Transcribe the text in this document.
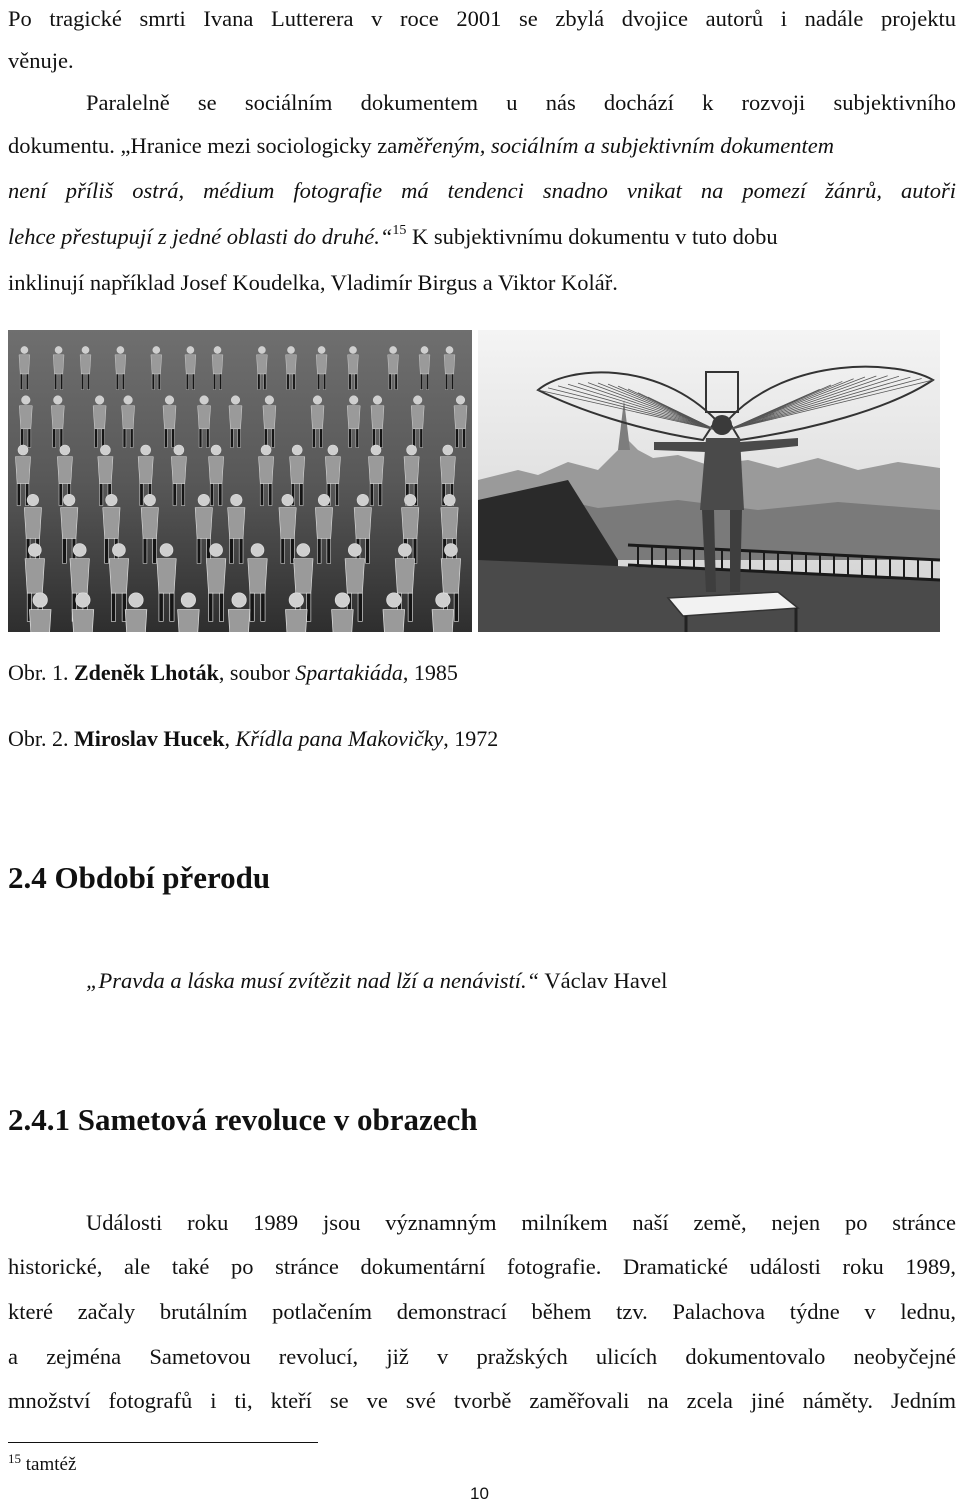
Po tragické smrti Ivana Lutterera v roce 2001 se zbylá dvojice autorů i nadále projektu
věnuje.
Paralelně se sociálním dokumentem u nás dochází k rozvoji subjektivního
dokumentu. „Hranice mezi sociologicky zaměřeným, sociálním a subjektivním dokumentem
není příliš ostrá, médium fotografie má tendenci snadno vnikat na pomezí žánrů, autoři
lehce přestupují z jedné oblasti do druhé.“$^{15}$ K subjektivnímu dokumentu v tuto dobu
inklinují například Josef Koudelka, Vladimír Birgus a Viktor Kolář.
Obr. 1. Zdeněk Lhoták, soubor Spartakiáda, 1985
Obr. 2. Miroslav Hucek, Křídla pana Makovičky, 1972
2.4 Období přerodu
„Pravda a láska musí zvítězit nad lží a nenávistí.“ Václav Havel
2.4.1 Sametová revoluce v obrazech
Události roku 1989 jsou významným milníkem naší země, nejen po stránce
historické, ale také po stránce dokumentární fotografie. Dramatické události roku 1989,
které začaly brutálním potlačením demonstrací během tzv. Palachova týdne v lednu,
a zejména Sametovou revolucí, již v pražských ulicích dokumentovalo neobyčejné
množství fotografů i ti, kteří se ve své tvorbě zaměřovali na zcela jiné náměty. Jedním
$^{15}$ tamtéž
10
